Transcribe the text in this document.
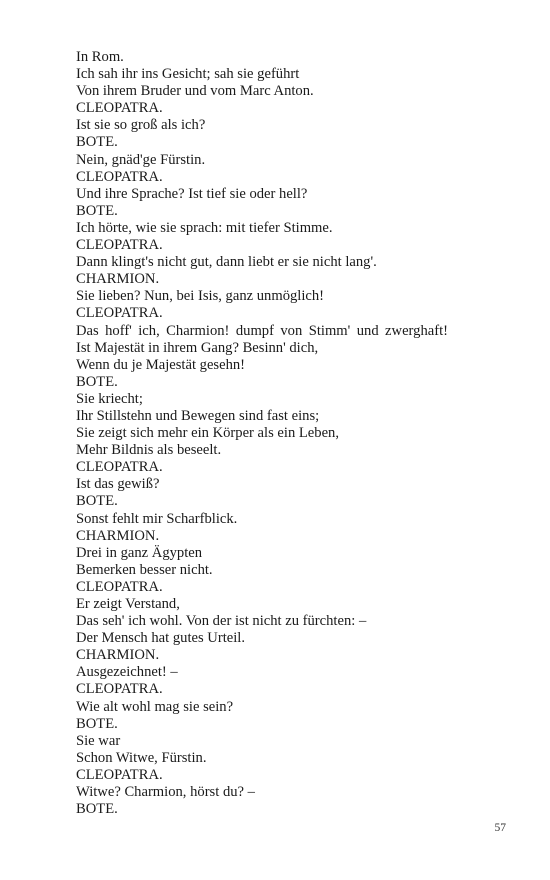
In Rom.
Ich sah ihr ins Gesicht; sah sie geführt
Von ihrem Bruder und vom Marc Anton.
CLEOPATRA.
Ist sie so groß als ich?
BOTE.
Nein, gnäd'ge Fürstin.
CLEOPATRA.
Und ihre Sprache? Ist tief sie oder hell?
BOTE.
Ich hörte, wie sie sprach: mit tiefer Stimme.
CLEOPATRA.
Dann klingt's nicht gut, dann liebt er sie nicht lang'.
CHARMION.
Sie lieben? Nun, bei Isis, ganz unmöglich!
CLEOPATRA.
Das hoff' ich, Charmion! dumpf von Stimm' und zwerghaft!
Ist Majestät in ihrem Gang? Besinn' dich,
Wenn du je Majestät gesehn!
BOTE.
Sie kriecht;
Ihr Stillstehn und Bewegen sind fast eins;
Sie zeigt sich mehr ein Körper als ein Leben,
Mehr Bildnis als beseelt.
CLEOPATRA.
Ist das gewiß?
BOTE.
Sonst fehlt mir Scharfblick.
CHARMION.
Drei in ganz Ägypten
Bemerken besser nicht.
CLEOPATRA.
Er zeigt Verstand,
Das seh' ich wohl. Von der ist nicht zu fürchten: –
Der Mensch hat gutes Urteil.
CHARMION.
Ausgezeichnet! –
CLEOPATRA.
Wie alt wohl mag sie sein?
BOTE.
Sie war
Schon Witwe, Fürstin.
CLEOPATRA.
Witwe? Charmion, hörst du? –
BOTE.
57
